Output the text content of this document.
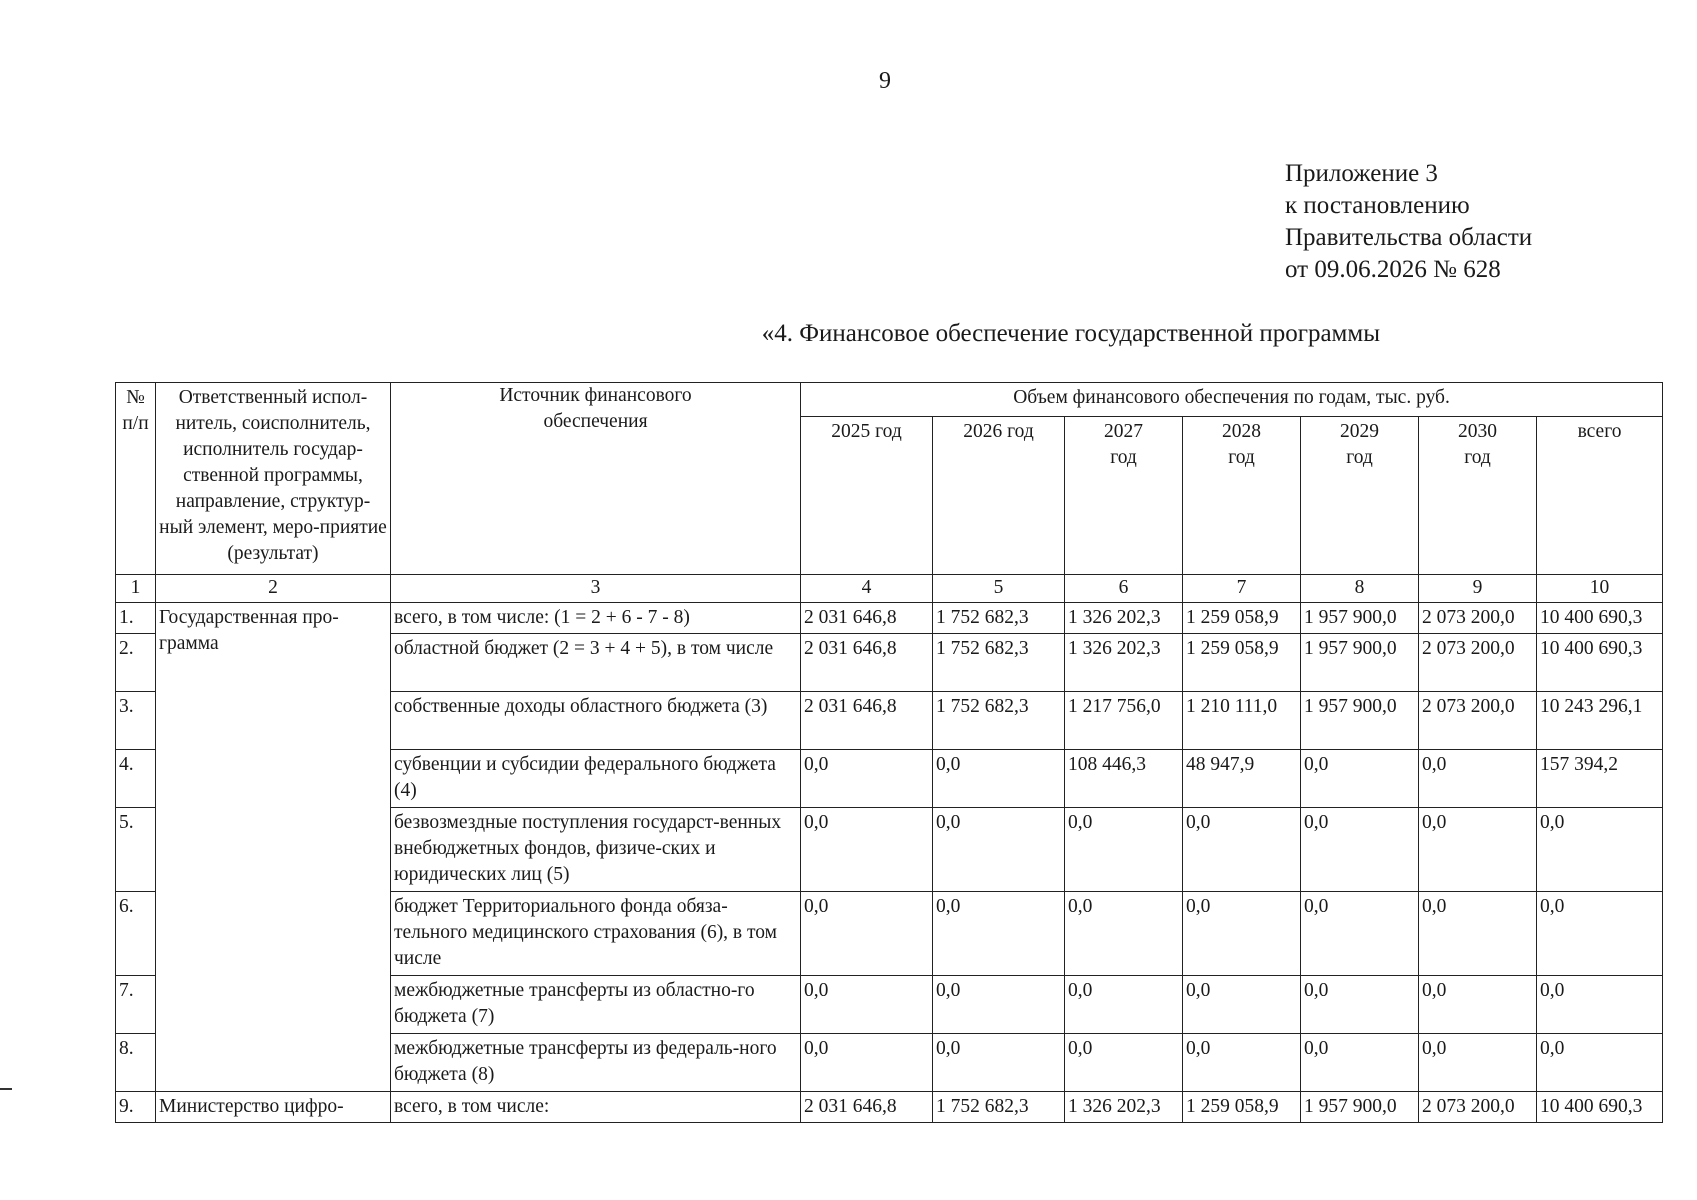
9
Приложение 3
к постановлению
Правительства области
от 09.06.2026 № 628
«4. Финансовое обеспечение государственной программы
№ п/п	Ответственный испол-нитель, соисполнитель, исполнитель государ-ственной программы, направление, структур-ный элемент, меро-приятие (результат)	Источник финансового обеспечения	Объем финансового обеспечения по годам, тыс. руб.						
			2025 год	2026 год	2027 год	2028 год	2029 год	2030 год	всего
1	2	3	4	5	6	7	8	9	10
1.	Государственная про-грамма	всего, в том числе: (1 = 2 + 6 - 7 - 8)	2 031 646,8	1 752 682,3	1 326 202,3	1 259 058,9	1 957 900,0	2 073 200,0	10 400 690,3
2.		областной бюджет (2 = 3 + 4 + 5), в том числе	2 031 646,8	1 752 682,3	1 326 202,3	1 259 058,9	1 957 900,0	2 073 200,0	10 400 690,3
3.		собственные доходы областного бюджета (3)	2 031 646,8	1 752 682,3	1 217 756,0	1 210 111,0	1 957 900,0	2 073 200,0	10 243 296,1
4.		субвенции и субсидии федерального бюджета (4)	0,0	0,0	108 446,3	48 947,9	0,0	0,0	157 394,2
5.		безвозмездные поступления государст-венных внебюджетных фондов, физиче-ских и юридических лиц (5)	0,0	0,0	0,0	0,0	0,0	0,0	0,0
6.		бюджет Территориального фонда обяза-тельного медицинского страхования (6), в том числе	0,0	0,0	0,0	0,0	0,0	0,0	0,0
7.		межбюджетные трансферты из областно-го бюджета (7)	0,0	0,0	0,0	0,0	0,0	0,0	0,0
8.		межбюджетные трансферты из федераль-ного бюджета (8)	0,0	0,0	0,0	0,0	0,0	0,0	0,0
9.	Министерство цифро-	всего, в том числе:	2 031 646,8	1 752 682,3	1 326 202,3	1 259 058,9	1 957 900,0	2 073 200,0	10 400 690,3
